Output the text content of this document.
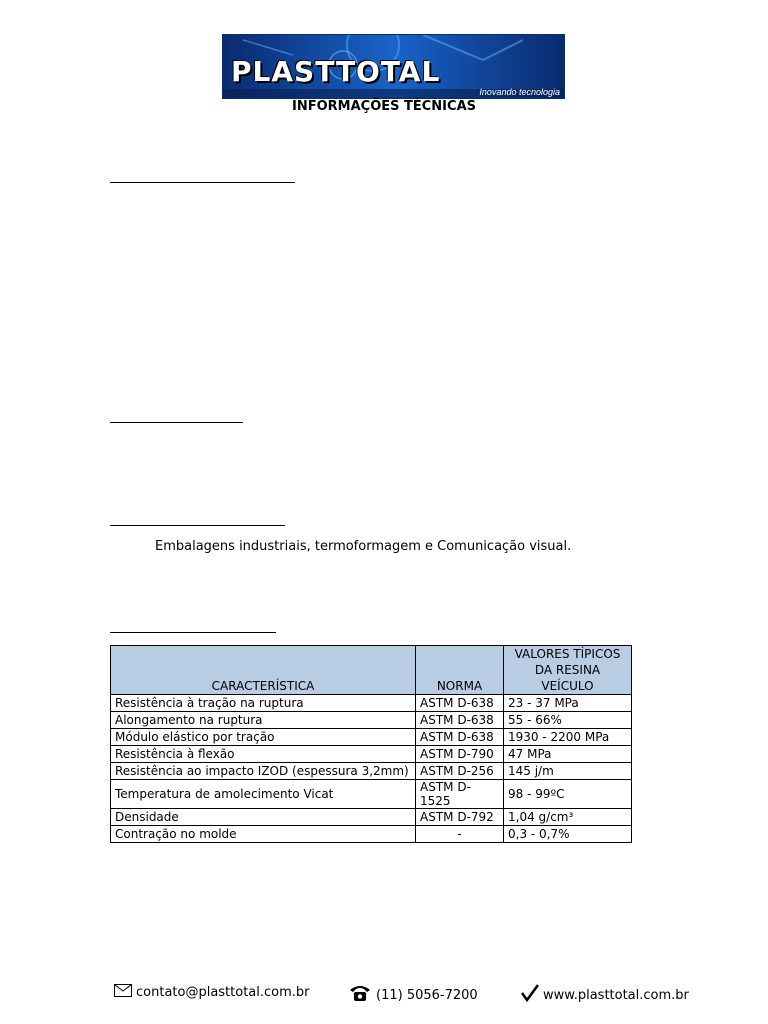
PLASTTOTAL
Inovando tecnologia
INFORMAÇÕES TÉCNICAS
Embalagens industriais, termoformagem e Comunicação visual.
CARACTERÍSTICA	NORMA	VALORES TÍPICOS DA RESINA VEÍCULO
Resistência à tração na ruptura	ASTM D-638	23 - 37 MPa
Alongamento na ruptura	ASTM D-638	55 - 66%
Módulo elástico por tração	ASTM D-638	1930 - 2200 MPa
Resistência à flexão	ASTM D-790	47 MPa
Resistência ao impacto IZOD (espessura 3,2mm)	ASTM D-256	145 j/m
Temperatura de amolecimento Vicat	ASTM D-1525	98 - 99ºC
Densidade	ASTM D-792	1,04 g/cm³
Contração no molde	-	0,3 - 0,7%
contato@plasttotal.com.br	(11) 5056-7200	www.plasttotal.com.br
